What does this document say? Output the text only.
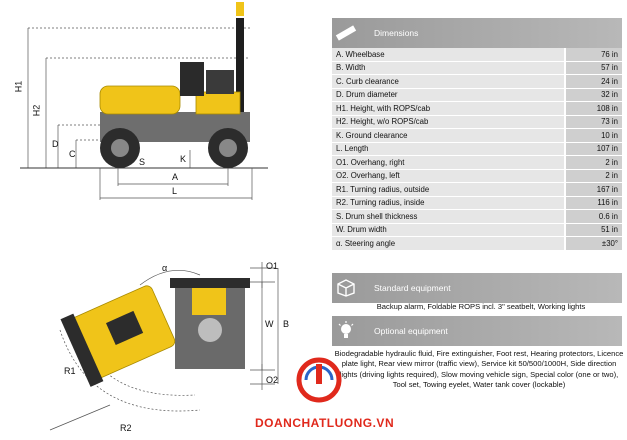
H1
H2
D
C
S	K
A
L
α	O1
O2
W B
R1
R2
Dimensions
A. Wheelbase	76 in
B. Width	57 in
C. Curb clearance	24 in
D. Drum diameter	32 in
H1. Height, with ROPS/cab	108 in
H2. Height, w/o ROPS/cab	73 in
K. Ground clearance	10 in
L. Length	107 in
O1. Overhang, right	2 in
O2. Overhang, left	2 in
R1. Turning radius, outside	167 in
R2. Turning radius, inside	116 in
S. Drum shell thickness	0.6 in
W. Drum width	51 in
α. Steering angle	±30°
Standard equipment
Backup alarm, Foldable ROPS incl. 3" seatbelt, Working lights
Optional equipment
Biodegradable hydraulic fluid, Fire extinguisher, Foot rest, Hearing protectors, Licence plate light, Rear view mirror (traffic view), Service kit 50/500/1000H, Side direction lights (driving lights required), Slow moving vehicle sign, Special color (one or two), Tool set, Towing eyelet, Water tank cover (lockable)
DOANCHATLUONG.VN
